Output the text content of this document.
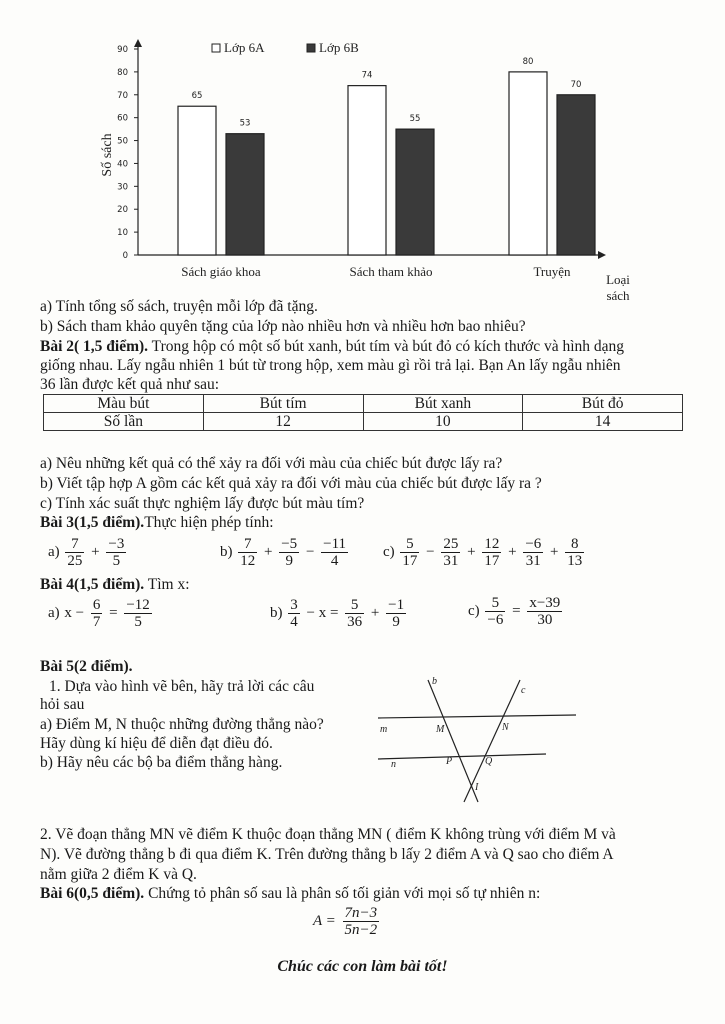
0
10
20
30
40
50
60
70
80
90
Số sách
Loại
sách
65
53
Sách giáo khoa
74
55
Sách tham khảo
80
70
Truyện
Lớp 6A	Lớp 6B
a) Tính tổng số sách, truyện mỗi lớp đã tặng.
b) Sách tham khảo quyên tặng của lớp nào nhiều hơn và nhiều hơn bao nhiêu?
Bài 2( 1,5 điểm). Trong hộp có một số bút xanh, bút tím và bút đỏ có kích thước và hình dạng
giống nhau. Lấy ngẫu nhiên 1 bút từ trong hộp, xem màu gì rồi trả lại. Bạn An lấy ngẫu nhiên
36 lần được kết quả như sau:
Màu bút	Bút tím	Bút xanh	Bút đỏ
Số lần	12	10	14
a) Nêu những kết quả có thể xảy ra đối với màu của chiếc bút được lấy ra?
b) Viết tập hợp A gồm các kết quả xảy ra đối với màu của chiếc bút được lấy ra ?
c) Tính xác suất thực nghiệm lấy được bút màu tím?
Bài 3(1,5 điểm).Thực hiện phép tính:
$a) \frac{7}{25} + \frac{-3}{5}$	$b) \frac{7}{12} + \frac{-5}{9} - \frac{-11}{4} c) \frac{5}{17} - \frac{25}{31} + \frac{12}{17} + \frac{-6}{31} + \frac{8}{13}$
Bài 4(1,5 điểm). Tìm x:
a) $x - \frac{6}{7} = \frac{-12}{5}$	$b) \frac{3}{4} - x = \frac{5}{36} + \frac{-1}{9}$	$c) \frac{5}{-6} = \frac{x-39}{30}$
Bài 5(2 điểm).
1. Dựa vào hình vẽ bên, hãy trả lời các câu
hỏi sau
a) Điểm M, N thuộc những đường thẳng nào?
Hãy dùng kí hiệu để diễn đạt điều đó.
b) Hãy nêu các bộ ba điểm thẳng hàng.
b
c
m
n
M	N
P	Q
I
2. Vẽ đoạn thẳng MN vẽ điểm K thuộc đoạn thẳng MN ( điểm K không trùng với điểm M và
N). Vẽ đường thẳng b đi qua điểm K. Trên đường thẳng b lấy 2 điểm A và Q sao cho điểm A
nằm giữa 2 điểm K và Q.
Bài 6(0,5 điểm). Chứng tỏ phân số sau là phân số tối giản với mọi số tự nhiên n:
$A = \frac{7n-3}{5n-2}$
Chúc các con làm bài tốt!
